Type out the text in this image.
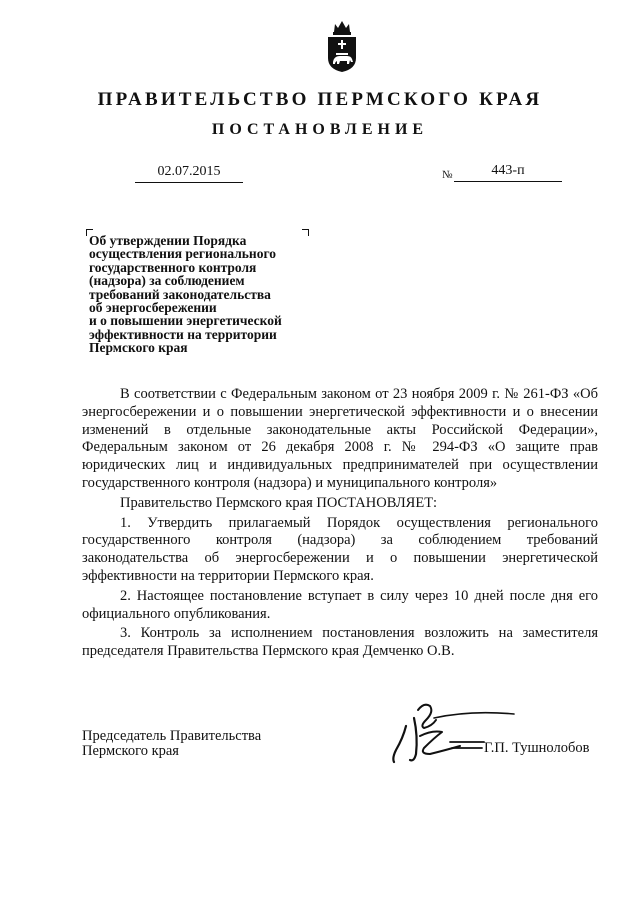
ПРАВИТЕЛЬСТВО ПЕРМСКОГО КРАЯ
ПОСТАНОВЛЕНИЕ
02.07.2015	№	443-п
Об утверждении Порядка
осуществления регионального
государственного контроля
(надзора) за соблюдением
требований законодательства
об энергосбережении
и о повышении энергетической
эффективности на территории
Пермского края

В соответствии с Федеральным законом от 23 ноября 2009 г. № 261-ФЗ «Об энергосбережении и о повышении энергетической эффективности и о внесении изменений в отдельные законодательные акты Российской Федерации», Федеральным законом от 26 декабря 2008 г. № 294-ФЗ «О защите прав юридических лиц и индивидуальных предпринимателей при осуществлении государственного контроля (надзора) и муниципального контроля»

Правительство Пермского края ПОСТАНОВЛЯЕТ:

1. Утвердить прилагаемый Порядок осуществления регионального государственного контроля (надзора) за соблюдением требований законодательства об энергосбережении и о повышении энергетической эффективности на территории Пермского края.

2. Настоящее постановление вступает в силу через 10 дней после дня его официального опубликования.

3. Контроль за исполнением постановления возложить на заместителя председателя Правительства Пермского края Демченко О.В.

Председатель Правительства
Пермского края	Г.П. Тушнолобов
